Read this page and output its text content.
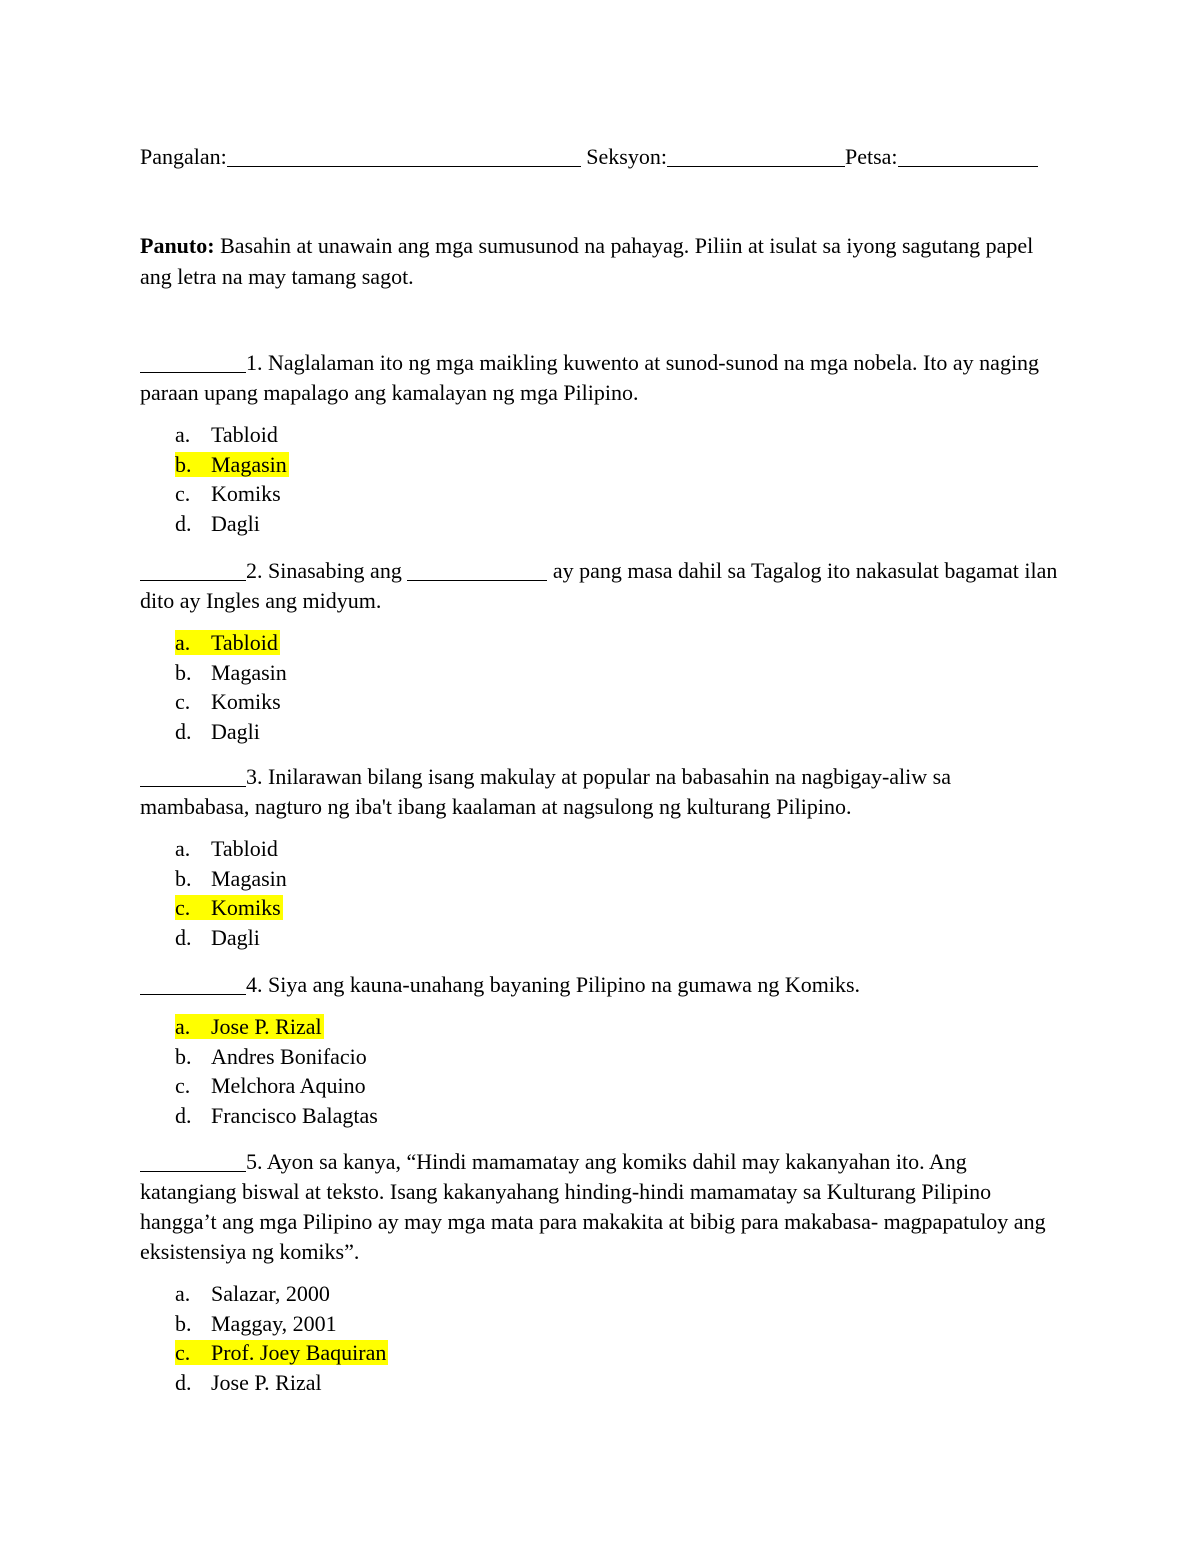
Pangalan:	Seksyon:	Petsa:
Panuto: Basahin at unawain ang mga sumusunod na pahayag. Piliin at isulat sa iyong sagutang papel ang letra na may tamang sagot.
1. Naglalaman ito ng mga maikling kuwento at sunod-sunod na mga nobela. Ito ay naging paraan upang mapalago ang kamalayan ng mga Pilipino.
a. Tabloid
b. Magasin
c. Komiks
d. Dagli
2. Sinasabing ang	ay pang masa dahil sa Tagalog ito nakasulat bagamat ilan dito ay Ingles ang midyum.
a. Tabloid
b. Magasin
c. Komiks
d. Dagli
3. Inilarawan bilang isang makulay at popular na babasahin na nagbigay-aliw sa mambabasa, nagturo ng iba't ibang kaalaman at nagsulong ng kulturang Pilipino.
a. Tabloid
b. Magasin
c. Komiks
d. Dagli
4. Siya ang kauna-unahang bayaning Pilipino na gumawa ng Komiks.
a. Jose P. Rizal
b. Andres Bonifacio
c. Melchora Aquino
d. Francisco Balagtas
5. Ayon sa kanya, “Hindi mamamatay ang komiks dahil may kakanyahan ito. Ang katangiang biswal at teksto. Isang kakanyahang hinding-hindi mamamatay sa Kulturang Pilipino hangga’t ang mga Pilipino ay may mga mata para makakita at bibig para makabasa- magpapatuloy ang eksistensiya ng komiks”.
a. Salazar, 2000
b. Maggay, 2001
c. Prof. Joey Baquiran
d. Jose P. Rizal
